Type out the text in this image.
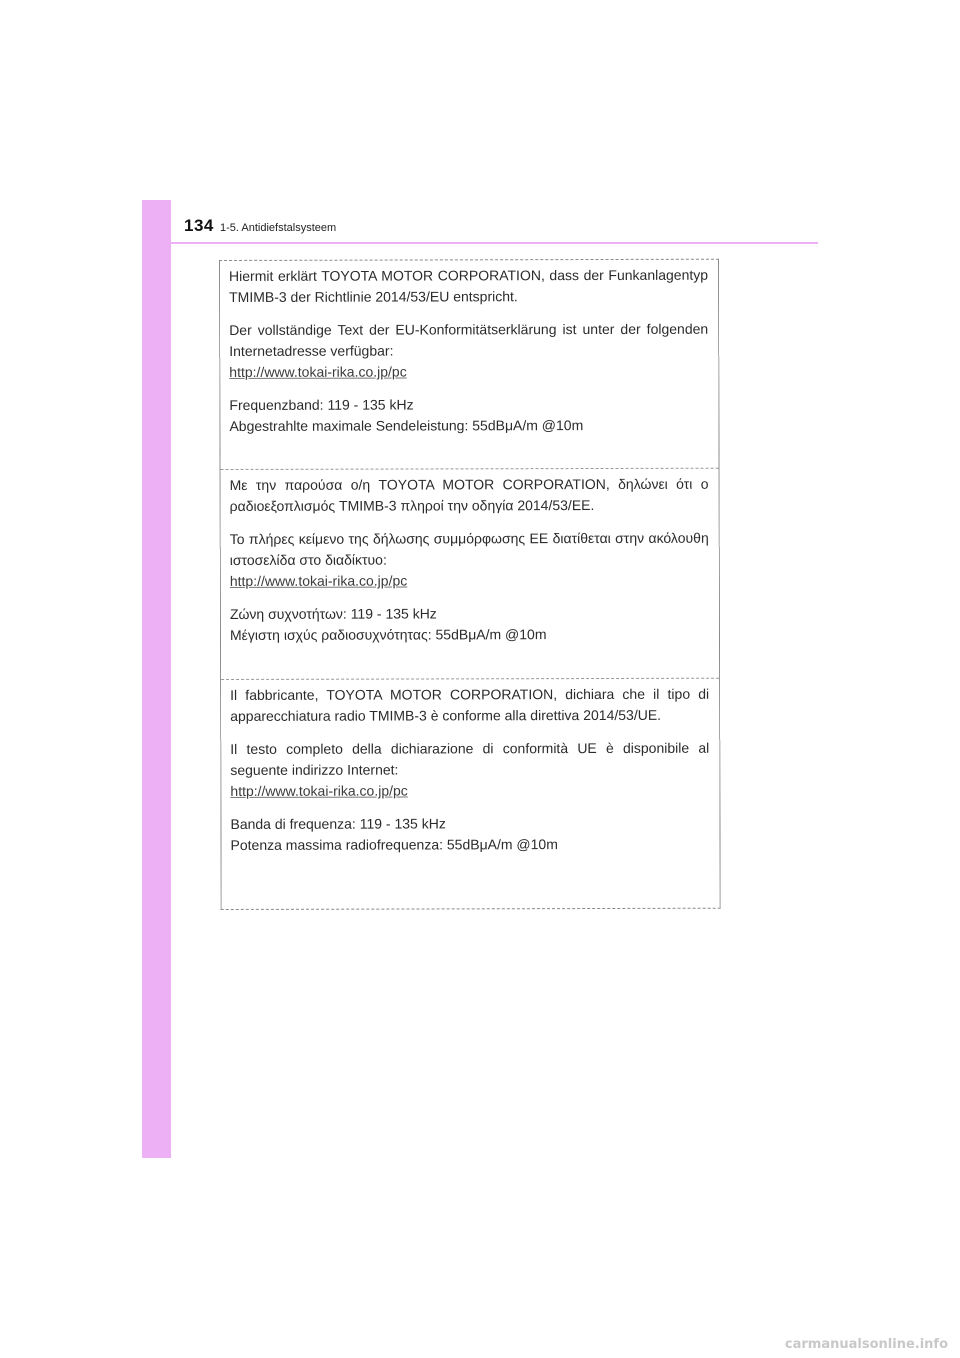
134 1-5. Antidiefstalsysteem

Hiermit erklärt TOYOTA MOTOR CORPORATION, dass der Funkanlagentyp TMIMB-3 der Richtlinie 2014/53/EU entspricht.

Der vollständige Text der EU-Konformitätserklärung ist unter der folgenden Internetadresse verfügbar:

http://www.tokai-rika.co.jp/pc

Frequenzband: 119 - 135 kHz

Abgestrahlte maximale Sendeleistung: 55dBμA/m @10m

Με την παρούσα ο/η TOYOTA MOTOR CORPORATION, δηλώνει ότι ο ραδιοεξοπλισμός TMIMB-3 πληροί την οδηγία 2014/53/ΕΕ.

Το πλήρες κείμενο της δήλωσης συμμόρφωσης ΕΕ διατίθεται στην ακόλουθη ιστοσελίδα στο διαδίκτυο:

http://www.tokai-rika.co.jp/pc

Ζώνη συχνοτήτων: 119 - 135 kHz

Μέγιστη ισχύς ραδιοσυχνότητας: 55dBμA/m @10m

Il fabbricante, TOYOTA MOTOR CORPORATION, dichiara che il tipo di apparecchiatura radio TMIMB-3 è conforme alla direttiva 2014/53/UE.

Il testo completo della dichiarazione di conformità UE è disponibile al seguente indirizzo Internet:

http://www.tokai-rika.co.jp/pc

Banda di frequenza: 119 - 135 kHz

Potenza massima radiofrequenza: 55dBμA/m @10m

carmanualsonline.info
